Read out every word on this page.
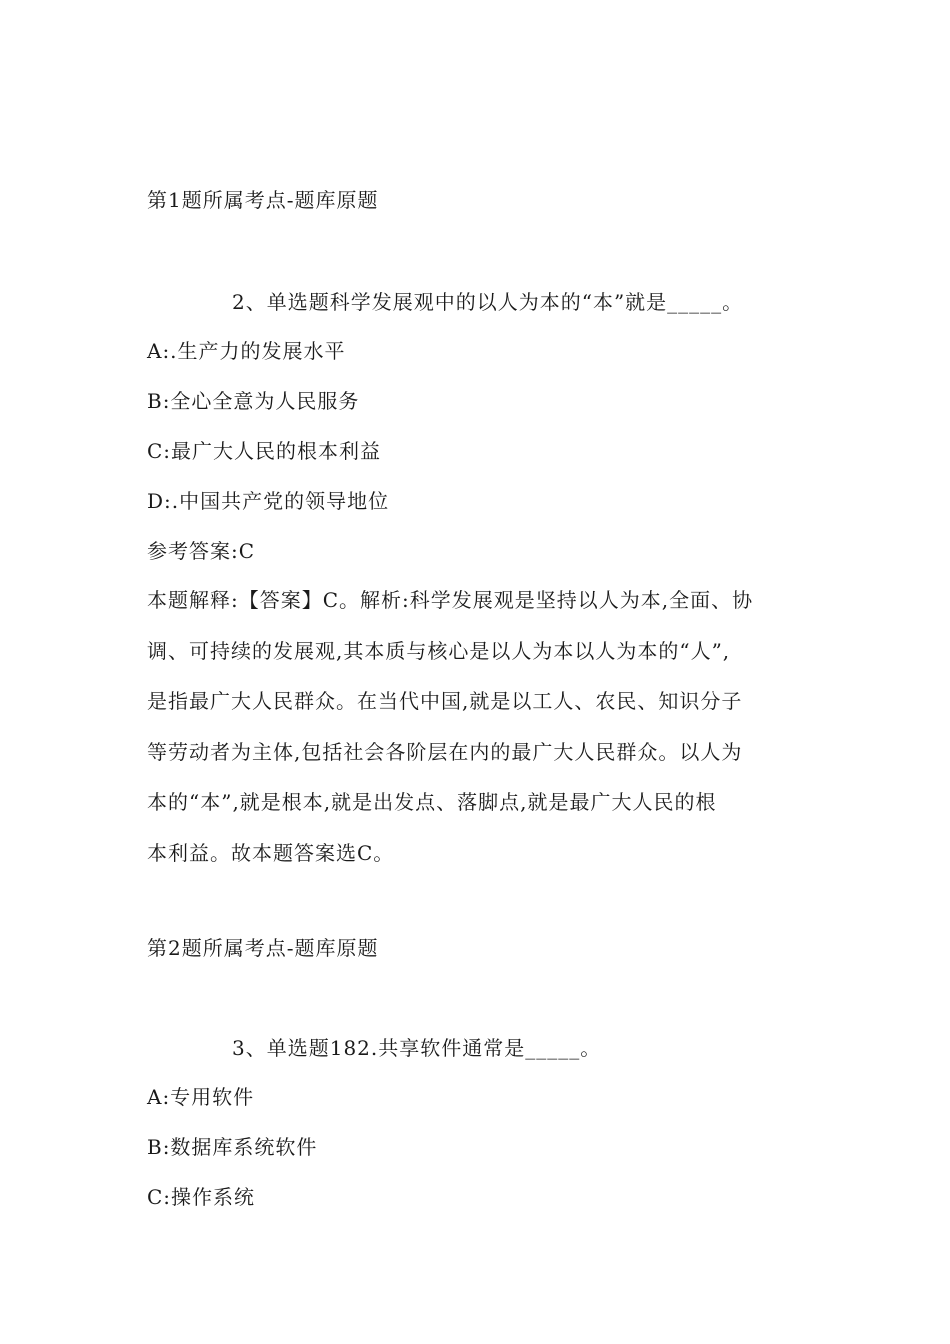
第1题所属考点-题库原题
2、单选题科学发展观中的以人为本的“本”就是_____。
A:.生产力的发展水平
B:全心全意为人民服务
C:最广大人民的根本利益
D:.中国共产党的领导地位
参考答案:C
本题解释:【答案】C。解析:科学发展观是坚持以人为本,全面、协
调、可持续的发展观,其本质与核心是以人为本以人为本的“人”,
是指最广大人民群众。在当代中国,就是以工人、农民、知识分子
等劳动者为主体,包括社会各阶层在内的最广大人民群众。以人为
本的“本”,就是根本,就是出发点、落脚点,就是最广大人民的根
本利益。故本题答案选C。
第2题所属考点-题库原题
3、单选题182.共享软件通常是_____。
A:专用软件
B:数据库系统软件
C:操作系统
